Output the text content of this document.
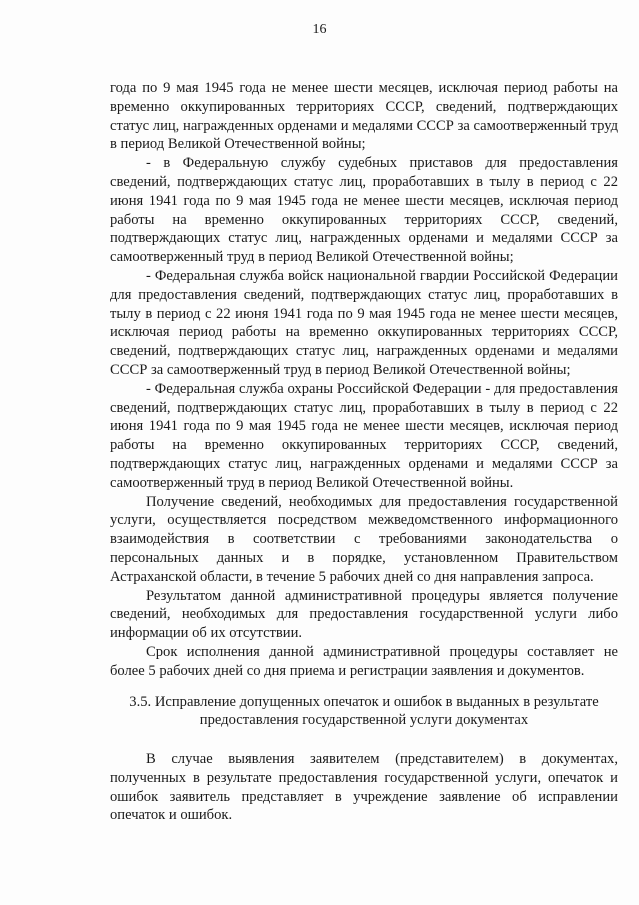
16

года по 9 мая 1945 года не менее шести месяцев, исключая период работы на временно оккупированных территориях СССР, сведений, подтверждающих статус лиц, награжденных орденами и медалями СССР за самоотверженный труд в период Великой Отечественной войны;

- в Федеральную службу судебных приставов для предоставления сведений, подтверждающих статус лиц, проработавших в тылу в период с 22 июня 1941 года по 9 мая 1945 года не менее шести месяцев, исключая период работы на временно оккупированных территориях СССР, сведений, подтверждающих статус лиц, награжденных орденами и медалями СССР за самоотверженный труд в период Великой Отечественной войны;

- Федеральная служба войск национальной гвардии Российской Федерации для предоставления сведений, подтверждающих статус лиц, проработавших в тылу в период с 22 июня 1941 года по 9 мая 1945 года не менее шести месяцев, исключая период работы на временно оккупированных территориях СССР, сведений, подтверждающих статус лиц, награжденных орденами и медалями СССР за самоотверженный труд в период Великой Отечественной войны;

- Федеральная служба охраны Российской Федерации - для предоставления сведений, подтверждающих статус лиц, проработавших в тылу в период с 22 июня 1941 года по 9 мая 1945 года не менее шести месяцев, исключая период работы на временно оккупированных территориях СССР, сведений, подтверждающих статус лиц, награжденных орденами и медалями СССР за самоотверженный труд в период Великой Отечественной войны.

Получение сведений, необходимых для предоставления государственной услуги, осуществляется посредством межведомственного информационного взаимодействия в соответствии с требованиями законодательства о персональных данных и в порядке, установленном Правительством Астраханской области, в течение 5 рабочих дней со дня направления запроса.

Результатом данной административной процедуры является получение сведений, необходимых для предоставления государственной услуги либо информации об их отсутствии.

Срок исполнения данной административной процедуры составляет не более 5 рабочих дней со дня приема и регистрации заявления и документов.

3.5. Исправление допущенных опечаток и ошибок в выданных в результате
предоставления государственной услуги документах

В случае выявления заявителем (представителем) в документах, полученных в результате предоставления государственной услуги, опечаток и ошибок заявитель представляет в учреждение заявление об исправлении опечаток и ошибок.
